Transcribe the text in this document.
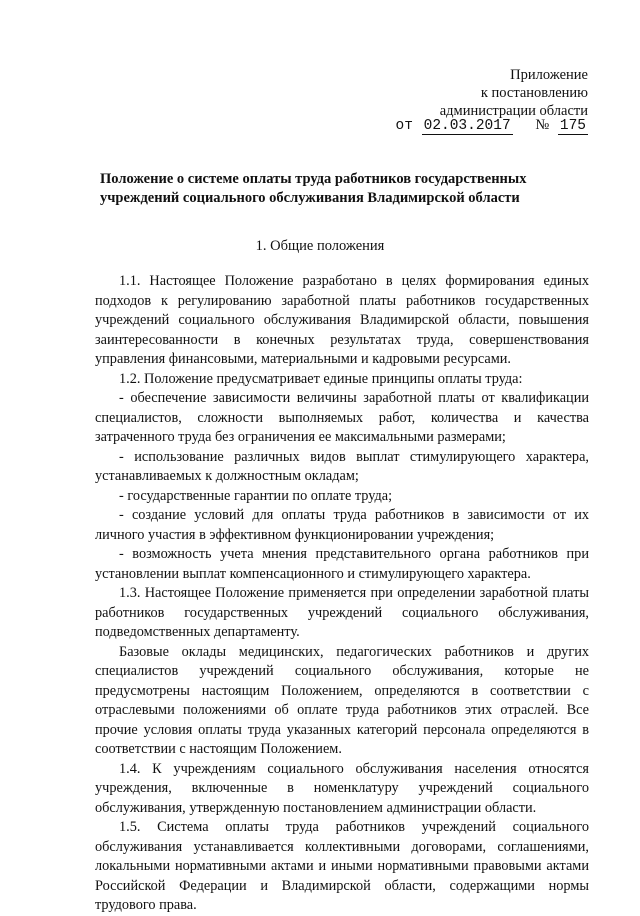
Приложение
к постановлению
администрации области
от 02.03.2017 № 175
Положение о системе оплаты труда работников государственных учреждений социального обслуживания Владимирской области
1. Общие положения

1.1. Настоящее Положение разработано в целях формирования единых подходов к регулированию заработной платы работников государственных учреждений социального обслуживания Владимирской области, повышения заинтересованности в конечных результатах труда, совершенствования управления финансовыми, материальными и кадровыми ресурсами.

1.2. Положение предусматривает единые принципы оплаты труда:

- обеспечение зависимости величины заработной платы от квалификации специалистов, сложности выполняемых работ, количества и качества затраченного труда без ограничения ее максимальными размерами;

- использование различных видов выплат стимулирующего характера, устанавливаемых к должностным окладам;

- государственные гарантии по оплате труда;

- создание условий для оплаты труда работников в зависимости от их личного участия в эффективном функционировании учреждения;

- возможность учета мнения представительного органа работников при установлении выплат компенсационного и стимулирующего характера.

1.3. Настоящее Положение применяется при определении заработной платы работников государственных учреждений социального обслуживания, подведомственных департаменту.

Базовые оклады медицинских, педагогических работников и других специалистов учреждений социального обслуживания, которые не предусмотрены настоящим Положением, определяются в соответствии с отраслевыми положениями об оплате труда работников этих отраслей. Все прочие условия оплаты труда указанных категорий персонала определяются в соответствии с настоящим Положением.

1.4. К учреждениям социального обслуживания населения относятся учреждения, включенные в номенклатуру учреждений социального обслуживания, утвержденную постановлением администрации области.

1.5. Система оплаты труда работников учреждений социального обслуживания устанавливается коллективными договорами, соглашениями, локальными нормативными актами и иными нормативными правовыми актами Российской Федерации и Владимирской области, содержащими нормы трудового права.
